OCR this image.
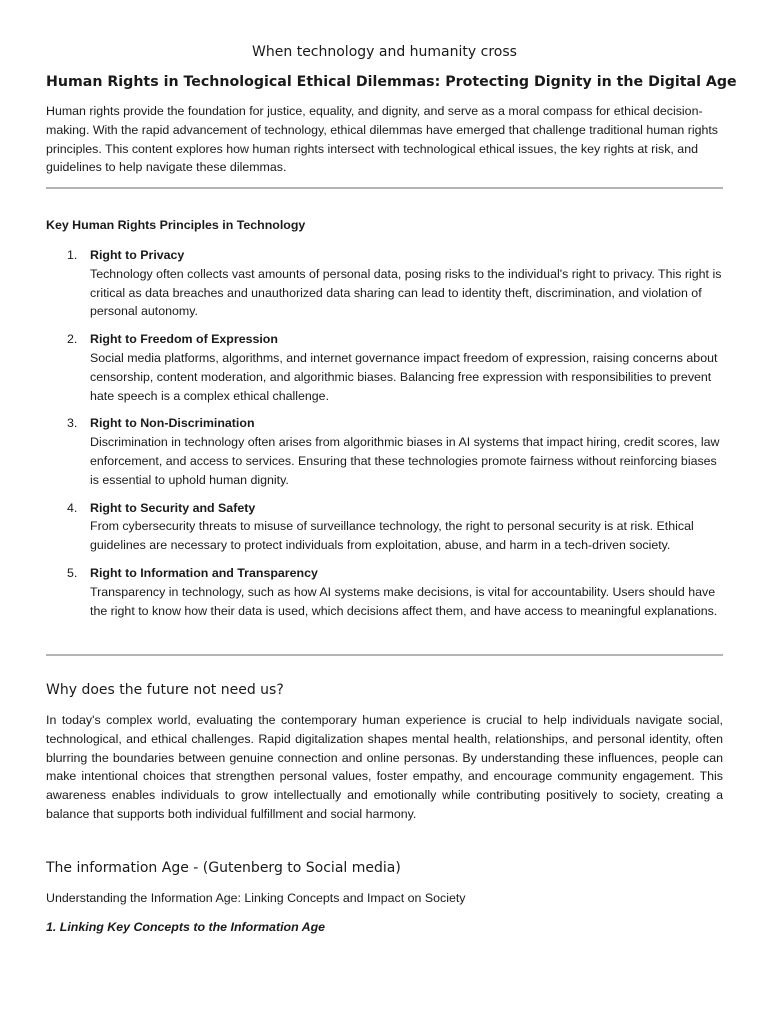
When technology and humanity cross
Human Rights in Technological Ethical Dilemmas: Protecting Dignity in the Digital Age
Human rights provide the foundation for justice, equality, and dignity, and serve as a moral compass for ethical decision-making. With the rapid advancement of technology, ethical dilemmas have emerged that challenge traditional human rights principles. This content explores how human rights intersect with technological ethical issues, the key rights at risk, and guidelines to help navigate these dilemmas.
Key Human Rights Principles in Technology
1. Right to Privacy
Technology often collects vast amounts of personal data, posing risks to the individual's right to privacy. This right is critical as data breaches and unauthorized data sharing can lead to identity theft, discrimination, and violation of personal autonomy.
2. Right to Freedom of Expression
Social media platforms, algorithms, and internet governance impact freedom of expression, raising concerns about censorship, content moderation, and algorithmic biases. Balancing free expression with responsibilities to prevent hate speech is a complex ethical challenge.
3. Right to Non-Discrimination
Discrimination in technology often arises from algorithmic biases in AI systems that impact hiring, credit scores, law enforcement, and access to services. Ensuring that these technologies promote fairness without reinforcing biases is essential to uphold human dignity.
4. Right to Security and Safety
From cybersecurity threats to misuse of surveillance technology, the right to personal security is at risk. Ethical guidelines are necessary to protect individuals from exploitation, abuse, and harm in a tech-driven society.
5. Right to Information and Transparency
Transparency in technology, such as how AI systems make decisions, is vital for accountability. Users should have the right to know how their data is used, which decisions affect them, and have access to meaningful explanations.
Why does the future not need us?
In today's complex world, evaluating the contemporary human experience is crucial to help individuals navigate social, technological, and ethical challenges. Rapid digitalization shapes mental health, relationships, and personal identity, often blurring the boundaries between genuine connection and online personas. By understanding these influences, people can make intentional choices that strengthen personal values, foster empathy, and encourage community engagement. This awareness enables individuals to grow intellectually and emotionally while contributing positively to society, creating a balance that supports both individual fulfillment and social harmony.
The information Age - (Gutenberg to Social media)
Understanding the Information Age: Linking Concepts and Impact on Society
1. Linking Key Concepts to the Information Age
